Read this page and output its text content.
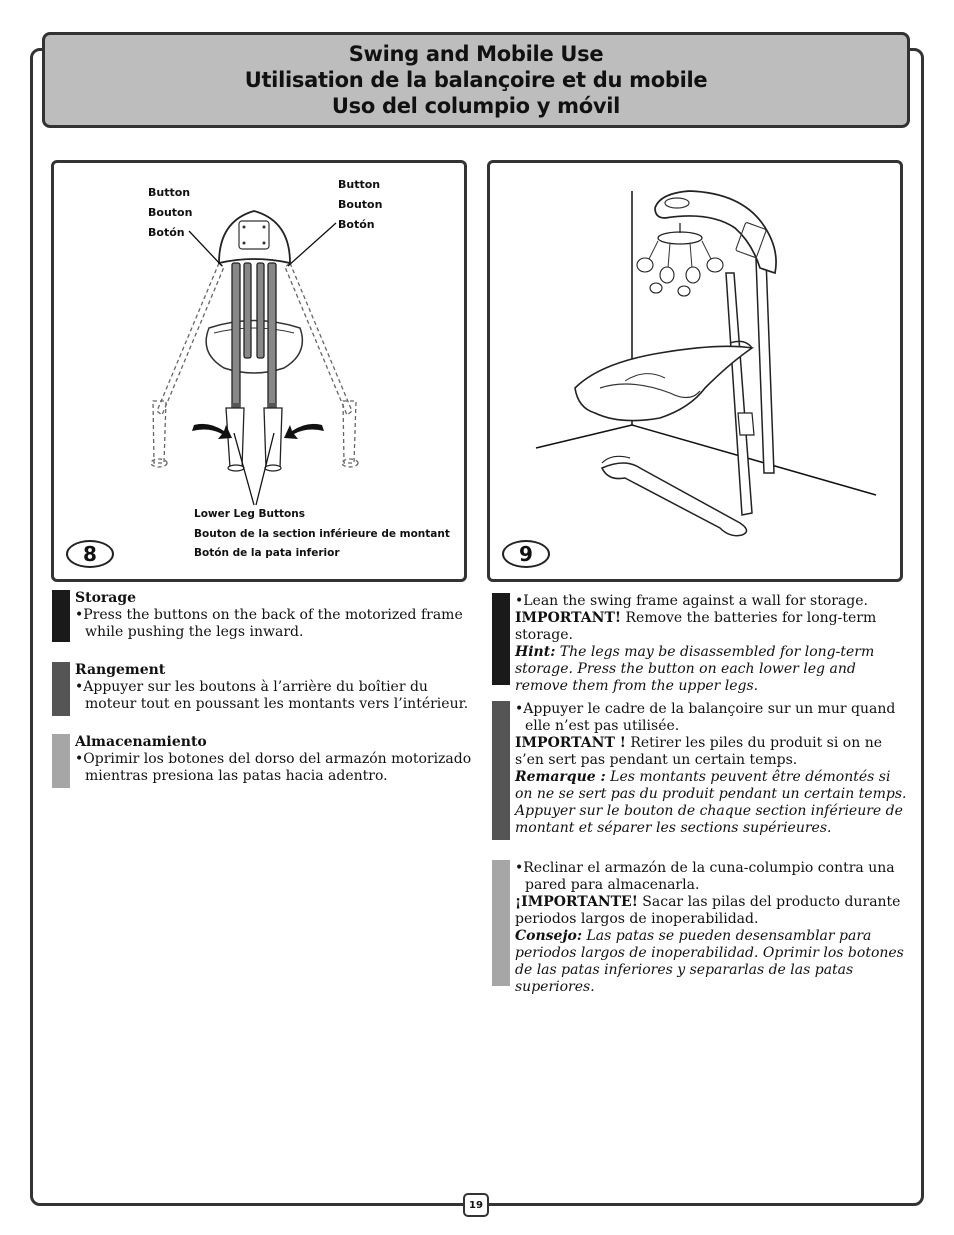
Swing and Mobile Use
Utilisation de la balançoire et du mobile
Uso del columpio y móvil
Button
Bouton
Botón
Button
Bouton
Botón
Lower Leg Buttons
Bouton de la section inférieure de montant
Botón de la pata inferior
8	9

Storage

•Press the buttons on the back of the motorized frame while pushing the legs inward.

Rangement

•Appuyer sur les boutons à l’arrière du boîtier du moteur tout en poussant les montants vers l’intérieur.

Almacenamiento

•Oprimir los botones del dorso del armazón motorizado mientras presiona las patas hacia adentro.

•Lean the swing frame against a wall for storage.

IMPORTANT! Remove the batteries for long-term storage.

Hint: The legs may be disassembled for long-term storage. Press the button on each lower leg and remove them from the upper legs.

•Appuyer le cadre de la balançoire sur un mur quand elle n’est pas utilisée.

IMPORTANT ! Retirer les piles du produit si on ne s’en sert pas pendant un certain temps.

Remarque : Les montants peuvent être démontés si on ne se sert pas du produit pendant un certain temps. Appuyer sur le bouton de chaque section inférieure de montant et séparer les sections supérieures.

•Reclinar el armazón de la cuna-columpio contra una pared para almacenarla.

¡IMPORTANTE! Sacar las pilas del producto durante periodos largos de inoperabilidad.

Consejo: Las patas se pueden desensamblar para periodos largos de inoperabilidad. Oprimir los botones de las patas inferiores y separarlas de las patas superiores.

19
